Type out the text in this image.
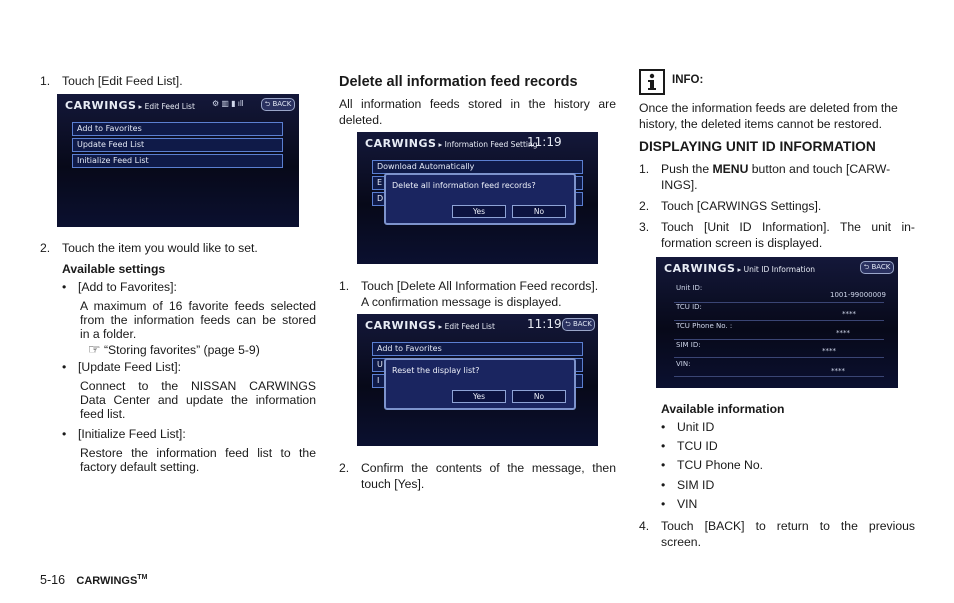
1. Touch [Edit Feed List].
CARWINGS ▸ Edit Feed List ⚙ ▥ ▮ ıll	⮌ BACK
Add to Favorites
Update Feed List
Initialize Feed List
2. Touch the item you would like to set.
Available settings
• [Add to Favorites]:
A maximum of 16 favorite feeds selected
from the information feeds can be stored
in a folder.
☞ “Storing favorites” (page 5-9)
• [Update Feed List]:
Connect to the NISSAN CARWINGS
Data Center and update the information
feed list.
• [Initialize Feed List]:
Restore the information feed list to the
factory default setting.
Delete all information feed records
All information feeds stored in the history are
deleted.
CARWINGS ▸ Information Feed Setting
11:19
Download Automatically
E
D
Delete all information feed records?
Yes	No
1. Touch [Delete All Information Feed records].
A confirmation message is displayed.
CARWINGS ▸ Edit Feed List	11:19 ⮌ BACK
Add to Favorites
U
I
Reset the display list?
Yes	No
2. Confirm the contents of the message, then
touch [Yes].
INFO:
Once the information feeds are deleted from the
history, the deleted items cannot be restored.
DISPLAYING UNIT ID INFORMATION
1. Push the MENU button and touch [CARW-
INGS].
2. Touch [CARWINGS Settings].
3. Touch [Unit ID Information]. The unit in-
formation screen is displayed.
CARWINGS ▸ Unit ID Information	⮌ BACK
Unit ID:
1001-99000009
TCU ID:
****
TCU Phone No. :
****
SIM ID:
****
VIN:
****
Available information
• Unit ID
• TCU ID
• TCU Phone No.
• SIM ID
• VIN
4. Touch [BACK] to return to the previous
screen.
5-16 CARWINGS™
